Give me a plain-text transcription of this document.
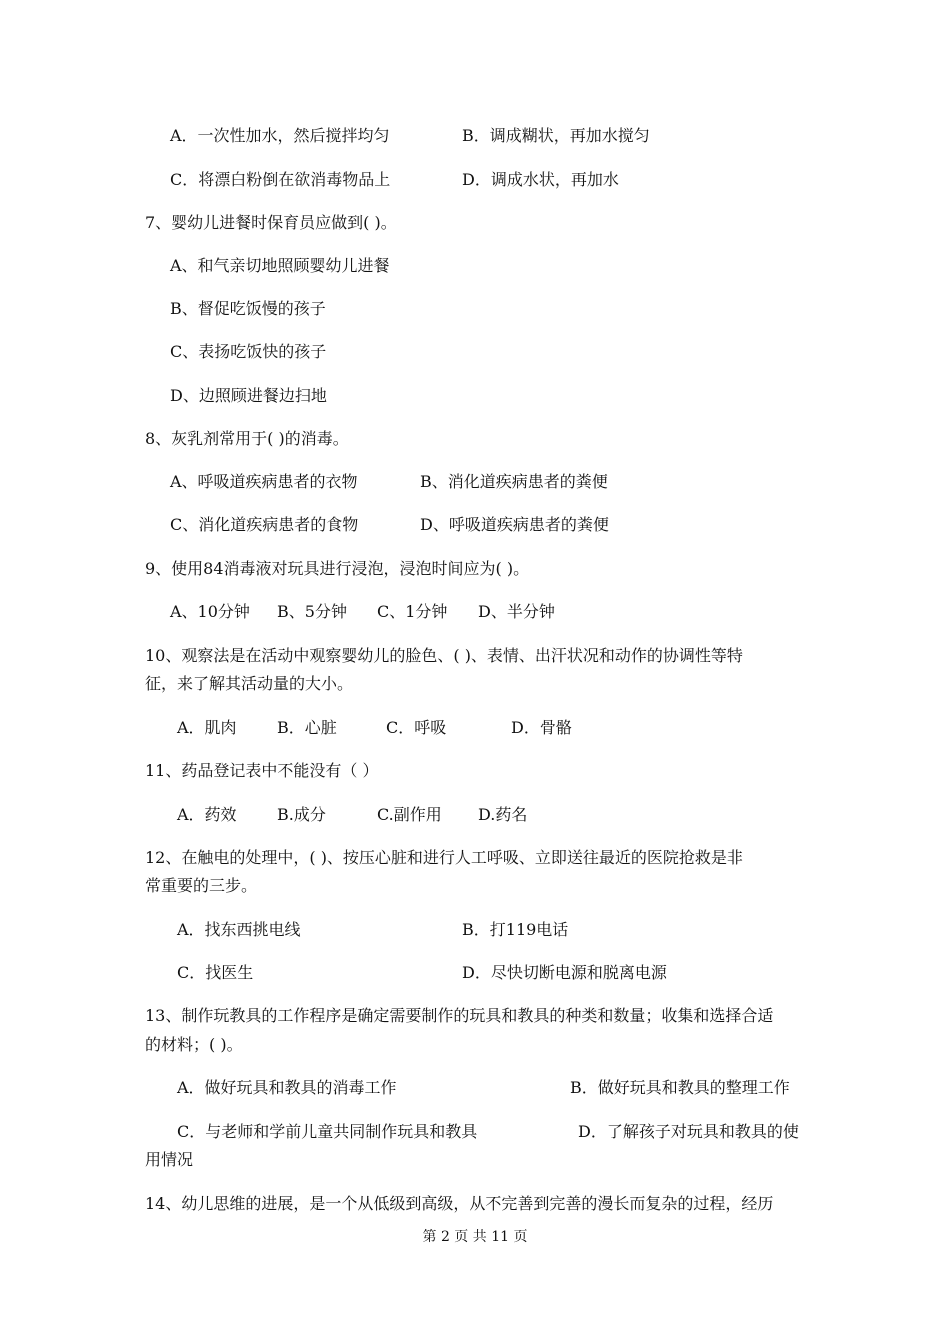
A．一次性加水，然后搅拌均匀	B．调成糊状，再加水搅匀
C．将漂白粉倒在欲消毒物品上	D．调成水状，再加水
7、婴幼儿进餐时保育员应做到( )。
A、和气亲切地照顾婴幼儿进餐
B、督促吃饭慢的孩子
C、表扬吃饭快的孩子
D、边照顾进餐边扫地
8、灰乳剂常用于( )的消毒。
A、呼吸道疾病患者的衣物	B、消化道疾病患者的粪便
C、消化道疾病患者的食物	D、呼吸道疾病患者的粪便
9、使用84消毒液对玩具进行浸泡，浸泡时间应为( )。
A、10分钟 B、5分钟 C、1分钟 D、半分钟
10、观察法是在活动中观察婴幼儿的脸色、( )、表情、出汗状况和动作的协调性等特
征，来了解其活动量的大小。
A．肌肉	B．心脏	C．呼吸	D．骨骼
11、药品登记表中不能没有（ ）
A．药效	B.成分	C.副作用 D.药名
12、在触电的处理中，( )、按压心脏和进行人工呼吸、立即送往最近的医院抢救是非
常重要的三步。
A．找东西挑电线	B．打119电话
C．找医生	D．尽快切断电源和脱离电源
13、制作玩教具的工作程序是确定需要制作的玩具和教具的种类和数量；收集和选择合适
的材料；( )。
A．做好玩具和教具的消毒工作	B．做好玩具和教具的整理工作
C．与老师和学前儿童共同制作玩具和教具	D．了解孩子对玩具和教具的使
用情况
14、幼儿思维的进展，是一个从低级到高级，从不完善到完善的漫长而复杂的过程，经历
第 2 页 共 11 页
